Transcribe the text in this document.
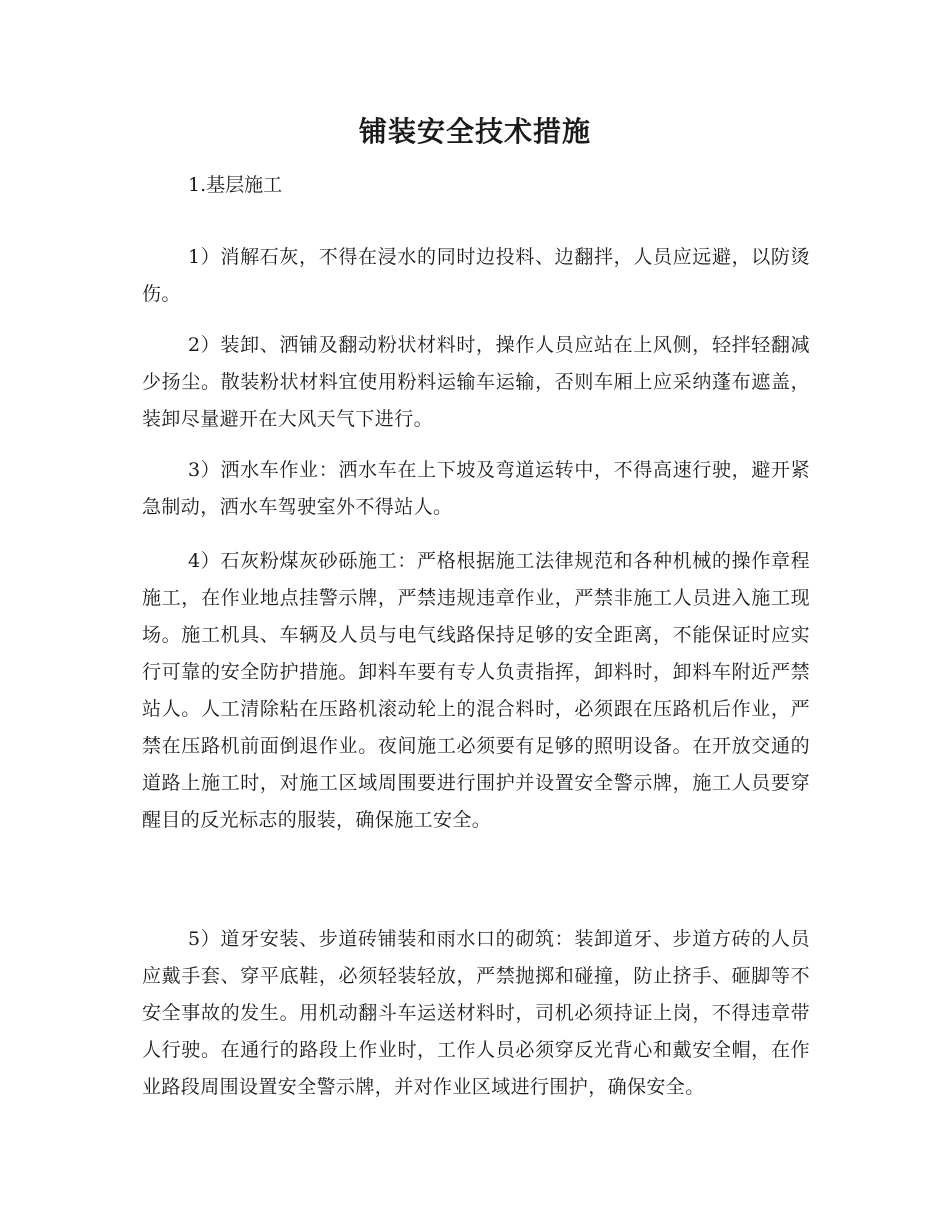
铺装安全技术措施
1.基层施工

1）消解石灰，不得在浸水的同时边投料、边翻拌，人员应远避，以防烫伤。

2）装卸、洒铺及翻动粉状材料时，操作人员应站在上风侧，轻拌轻翻减少扬尘。散装粉状材料宜使用粉料运输车运输，否则车厢上应采纳蓬布遮盖，装卸尽量避开在大风天气下进行。

3）洒水车作业：洒水车在上下坡及弯道运转中，不得高速行驶，避开紧急制动，洒水车驾驶室外不得站人。

4）石灰粉煤灰砂砾施工：严格根据施工法律规范和各种机械的操作章程施工，在作业地点挂警示牌，严禁违规违章作业，严禁非施工人员进入施工现场。施工机具、车辆及人员与电气线路保持足够的安全距离，不能保证时应实行可靠的安全防护措施。卸料车要有专人负责指挥，卸料时，卸料车附近严禁站人。人工清除粘在压路机滚动轮上的混合料时，必须跟在压路机后作业，严禁在压路机前面倒退作业。夜间施工必须要有足够的照明设备。在开放交通的道路上施工时，对施工区域周围要进行围护并设置安全警示牌，施工人员要穿醒目的反光标志的服装，确保施工安全。

5）道牙安装、步道砖铺装和雨水口的砌筑：装卸道牙、步道方砖的人员应戴手套、穿平底鞋，必须轻装轻放，严禁抛掷和碰撞，防止挤手、砸脚等不安全事故的发生。用机动翻斗车运送材料时，司机必须持证上岗，不得违章带人行驶。在通行的路段上作业时，工作人员必须穿反光背心和戴安全帽，在作业路段周围设置安全警示牌，并对作业区域进行围护，确保安全。
